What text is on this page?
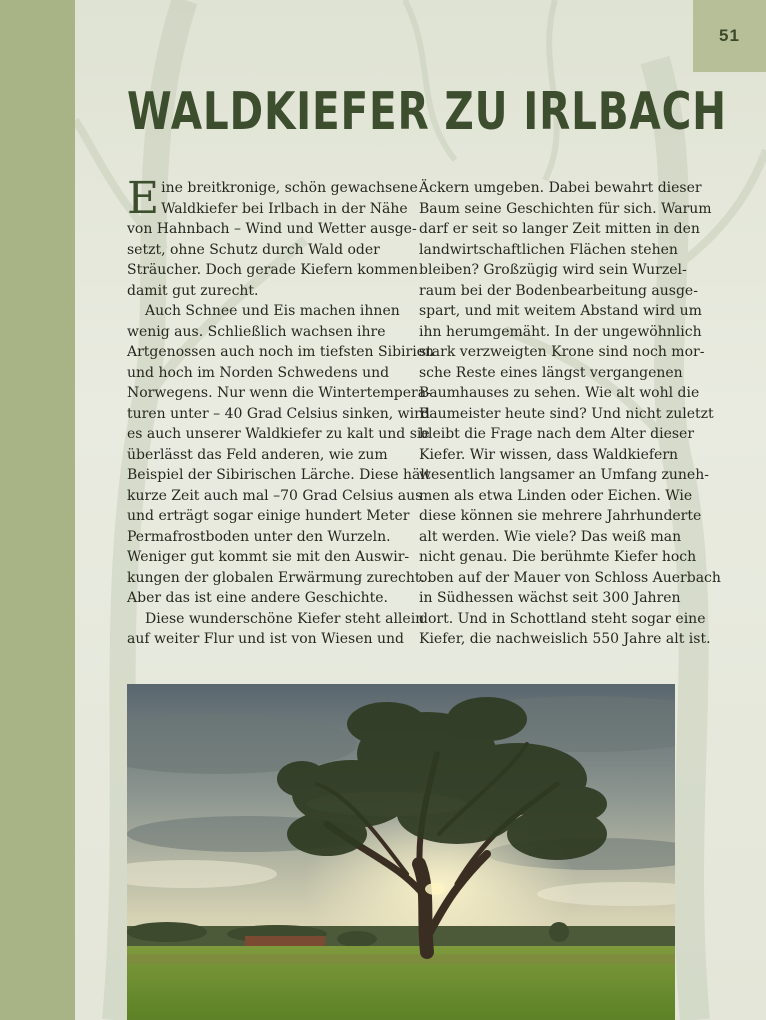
51
WALDKIEFER ZU IRLBACH

E ine breitkronige, schön gewachsene
Waldkiefer bei Irlbach in der Nähe
von Hahnbach – Wind und Wetter ausge-
setzt, ohne Schutz durch Wald oder
Sträucher. Doch gerade Kiefern kommen
damit gut zurecht.

Auch Schnee und Eis machen ihnen
wenig aus. Schließlich wachsen ihre
Artgenossen auch noch im tiefsten Sibirien
und hoch im Norden Schwedens und
Norwegens. Nur wenn die Wintertempera-
turen unter – 40 Grad Celsius sinken, wird
es auch unserer Waldkiefer zu kalt und sie
überlässt das Feld anderen, wie zum
Beispiel der Sibirischen Lärche. Diese hält
kurze Zeit auch mal –70 Grad Celsius aus
und erträgt sogar einige hundert Meter
Permafrostboden unter den Wurzeln.
Weniger gut kommt sie mit den Auswir-
kungen der globalen Erwärmung zurecht.
Aber das ist eine andere Geschichte.

Diese wunderschöne Kiefer steht allein
auf weiter Flur und ist von Wiesen und

Äckern umgeben. Dabei bewahrt dieser
Baum seine Geschichten für sich. Warum
darf er seit so langer Zeit mitten in den
landwirtschaftlichen Flächen stehen
bleiben? Großzügig wird sein Wurzel-
raum bei der Bodenbearbeitung ausge-
spart, und mit weitem Abstand wird um
ihn herumgemäht. In der ungewöhnlich
stark verzweigten Krone sind noch mor-
sche Reste eines längst vergangenen
Baumhauses zu sehen. Wie alt wohl die
Baumeister heute sind? Und nicht zuletzt
bleibt die Frage nach dem Alter dieser
Kiefer. Wir wissen, dass Waldkiefern
wesentlich langsamer an Umfang zuneh-
men als etwa Linden oder Eichen. Wie
diese können sie mehrere Jahrhunderte
alt werden. Wie viele? Das weiß man
nicht genau. Die berühmte Kiefer hoch
oben auf der Mauer von Schloss Auerbach
in Südhessen wächst seit 300 Jahren
dort. Und in Schottland steht sogar eine
Kiefer, die nachweislich 550 Jahre alt ist.
